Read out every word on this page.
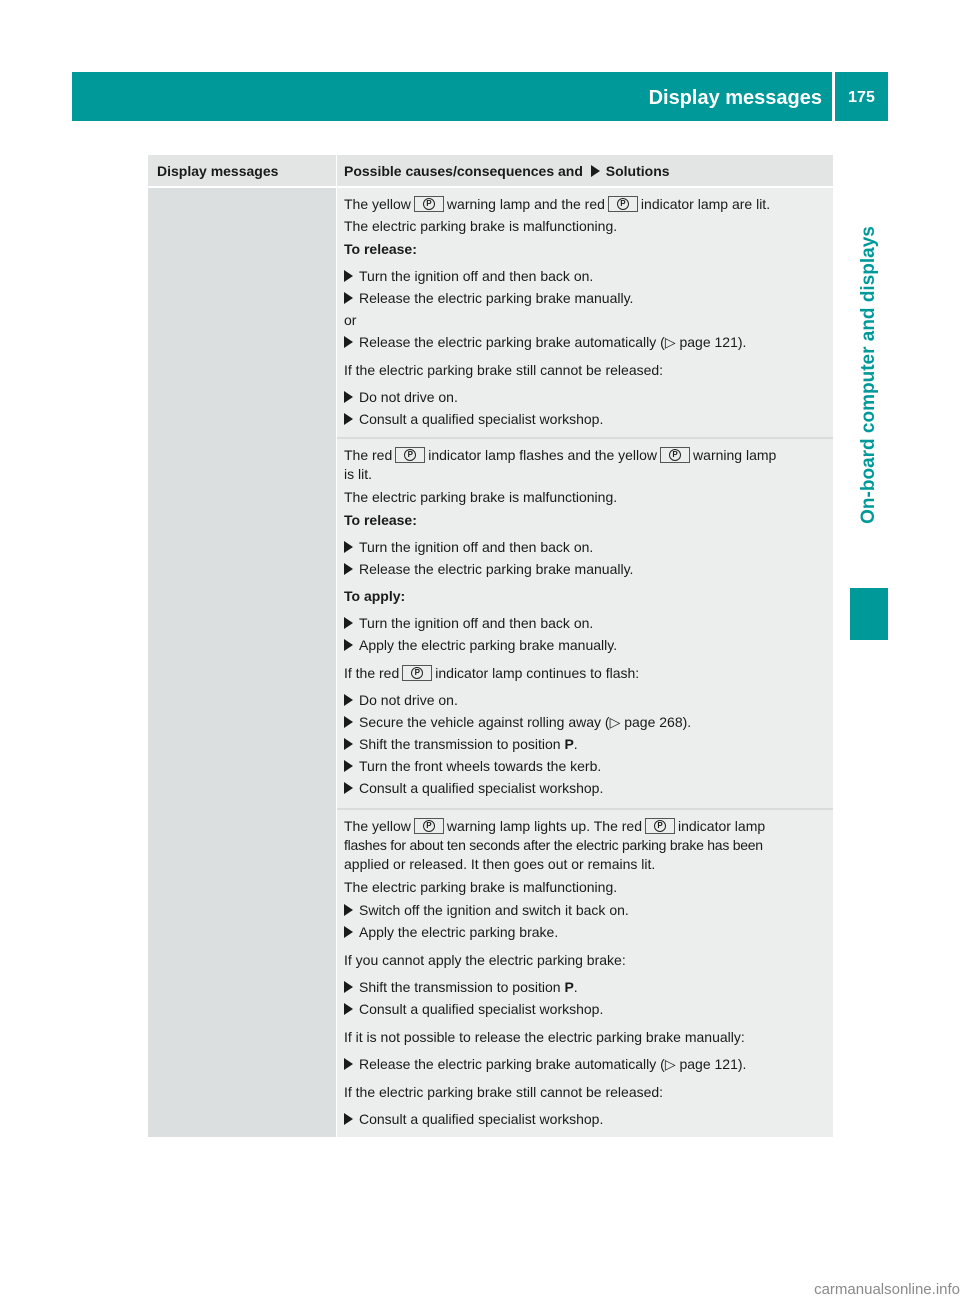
Display messages	175
On-board computer and displays
Display messages	Possible causes/consequences and Solutions

The yellow	P warning lamp and the red	P indicator lamp are lit.

The electric parking brake is malfunctioning.

To release:

Turn the ignition off and then back on.

Release the electric parking brake manually.

or

Release the electric parking brake automatically (▷ page 121).

If the electric parking brake still cannot be released:

Do not drive on.

Consult a qualified specialist workshop.

The red	P indicator lamp flashes and the yellow	P warning lamp
is lit.

The electric parking brake is malfunctioning.

To release:

Turn the ignition off and then back on.

Release the electric parking brake manually.

To apply:

Turn the ignition off and then back on.

Apply the electric parking brake manually.

If the red	P indicator lamp continues to flash:

Do not drive on.

Secure the vehicle against rolling away (▷ page 268).

Shift the transmission to position P.

Turn the front wheels towards the kerb.

Consult a qualified specialist workshop.

The yellow	P warning lamp lights up. The red	P indicator lamp
flashes for about ten seconds after the electric parking brake has been
applied or released. It then goes out or remains lit.

The electric parking brake is malfunctioning.

Switch off the ignition and switch it back on.

Apply the electric parking brake.

If you cannot apply the electric parking brake:

Shift the transmission to position P.

Consult a qualified specialist workshop.

If it is not possible to release the electric parking brake manually:

Release the electric parking brake automatically (▷ page 121).

If the electric parking brake still cannot be released:

Consult a qualified specialist workshop.

carmanualsonline.info
